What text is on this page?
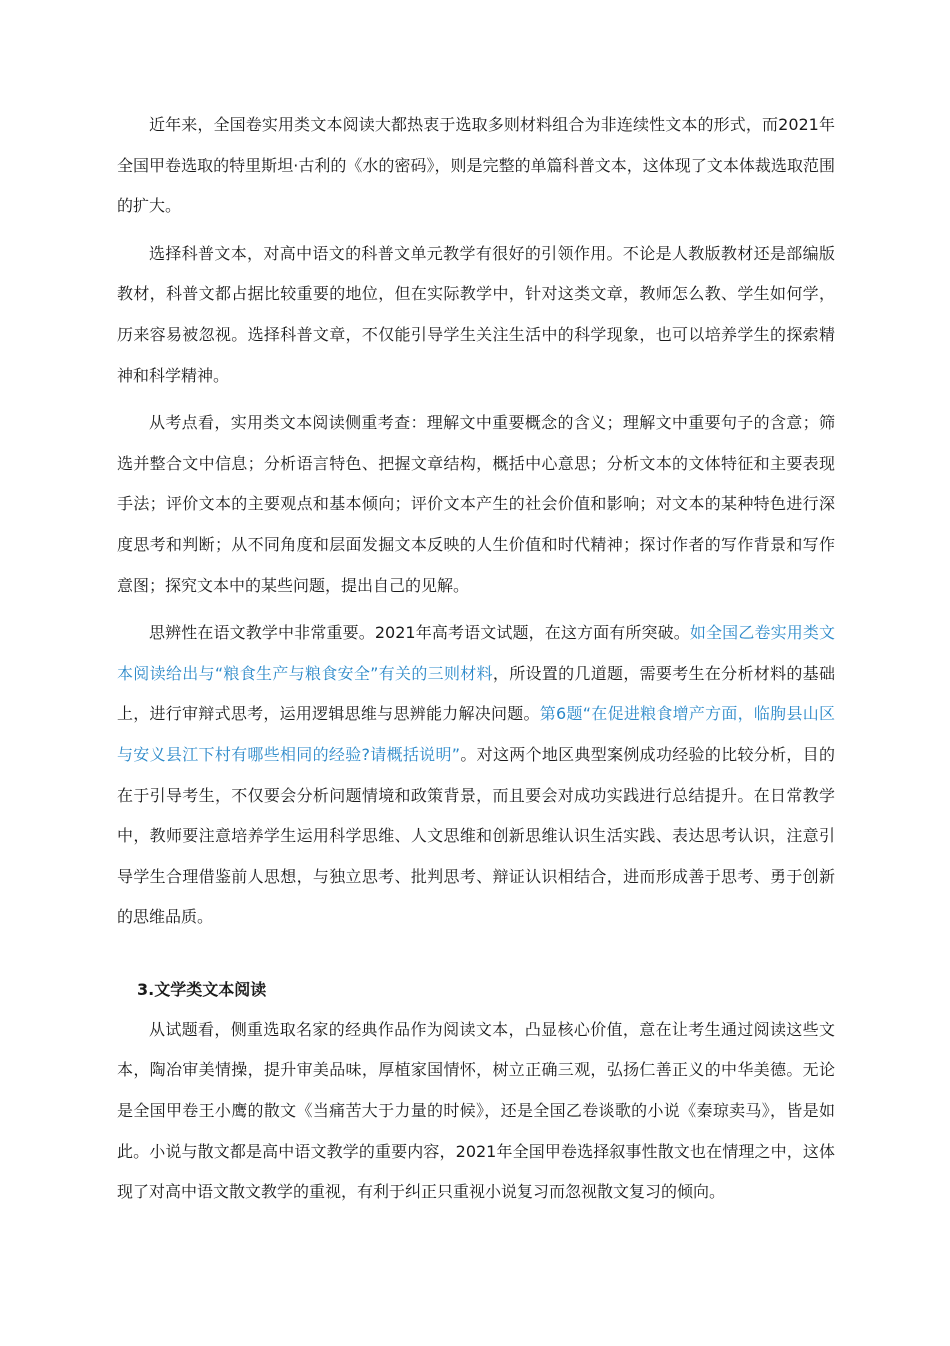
近年来，全国卷实用类文本阅读大都热衷于选取多则材料组合为非连续性文本的形式，而2021年全国甲卷选取的特里斯坦·古利的《水的密码》，则是完整的单篇科普文本，这体现了文本体裁选取范围的扩大。

选择科普文本，对高中语文的科普文单元教学有很好的引领作用。不论是人教版教材还是部编版教材，科普文都占据比较重要的地位，但在实际教学中，针对这类文章，教师怎么教、学生如何学，历来容易被忽视。选择科普文章，不仅能引导学生关注生活中的科学现象，也可以培养学生的探索精神和科学精神。

从考点看，实用类文本阅读侧重考查：理解文中重要概念的含义；理解文中重要句子的含意；筛选并整合文中信息；分析语言特色、把握文章结构，概括中心意思；分析文本的文体特征和主要表现手法；评价文本的主要观点和基本倾向；评价文本产生的社会价值和影响；对文本的某种特色进行深度思考和判断；从不同角度和层面发掘文本反映的人生价值和时代精神；探讨作者的写作背景和写作意图；探究文本中的某些问题，提出自己的见解。

思辨性在语文教学中非常重要。2021年高考语文试题，在这方面有所突破。如全国乙卷实用类文本阅读给出与“粮食生产与粮食安全”有关的三则材料，所设置的几道题，需要考生在分析材料的基础上，进行审辩式思考，运用逻辑思维与思辨能力解决问题。第6题“在促进粮食增产方面，临朐县山区与安义县江下村有哪些相同的经验?请概括说明”。对这两个地区典型案例成功经验的比较分析，目的在于引导考生，不仅要会分析问题情境和政策背景，而且要会对成功实践进行总结提升。在日常教学中，教师要注意培养学生运用科学思维、人文思维和创新思维认识生活实践、表达思考认识，注意引导学生合理借鉴前人思想，与独立思考、批判思考、辩证认识相结合，进而形成善于思考、勇于创新的思维品质。

3.文学类文本阅读

从试题看，侧重选取名家的经典作品作为阅读文本，凸显核心价值，意在让考生通过阅读这些文本，陶冶审美情操，提升审美品味，厚植家国情怀，树立正确三观，弘扬仁善正义的中华美德。无论是全国甲卷王小鹰的散文《当痛苦大于力量的时候》，还是全国乙卷谈歌的小说《秦琼卖马》，皆是如此。小说与散文都是高中语文教学的重要内容，2021年全国甲卷选择叙事性散文也在情理之中，这体现了对高中语文散文教学的重视，有利于纠正只重视小说复习而忽视散文复习的倾向。
